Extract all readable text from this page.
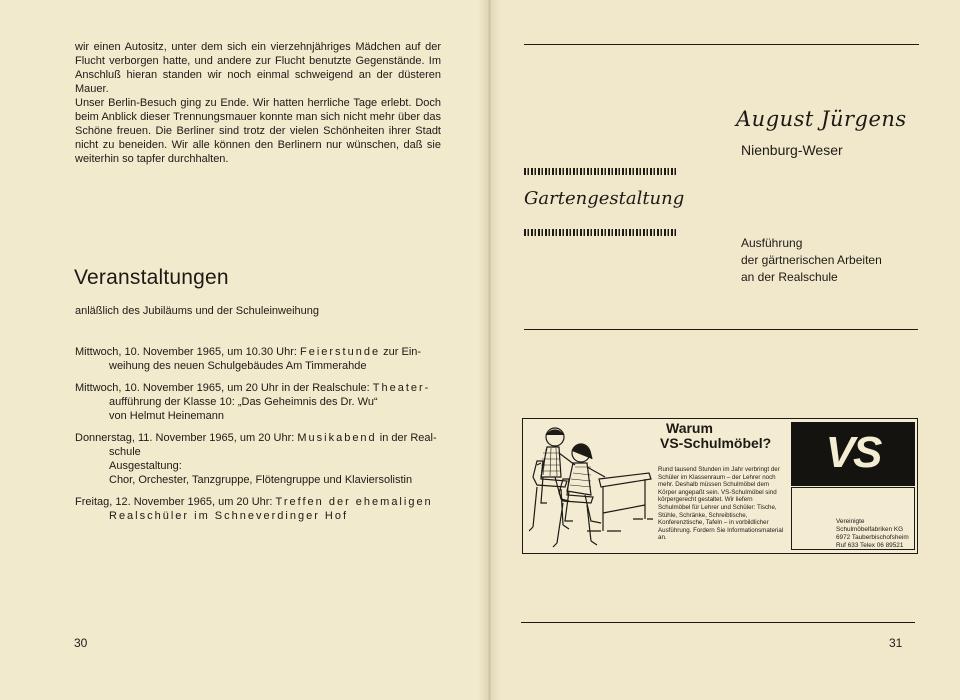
wir einen Autositz, unter dem sich ein vierzehnjähriges Mädchen auf der Flucht verborgen hatte, und andere zur Flucht benutzte Gegenstände. Im Anschluß hieran standen wir noch einmal schweigend an der düsteren Mauer.

Unser Berlin-Besuch ging zu Ende. Wir hatten herrliche Tage erlebt. Doch beim Anblick dieser Trennungsmauer konnte man sich nicht mehr über das Schöne freuen. Die Berliner sind trotz der vielen Schönheiten ihrer Stadt nicht zu beneiden. Wir alle können den Berlinern nur wünschen, daß sie weiterhin so tapfer durchhalten.

Veranstaltungen

anläßlich des Jubiläums und der Schuleinweihung

Mittwoch, 10. November 1965, um 10.30 Uhr: Feierstunde zur Ein-
weihung des neuen Schulgebäudes Am Timmerahde
Mittwoch, 10. November 1965, um 20 Uhr in der Realschule: Theater-
aufführung der Klasse 10: „Das Geheimnis des Dr. Wu“
von Helmut Heinemann
Donnerstag, 11. November 1965, um 20 Uhr: Musikabend in der Real-
schule
Ausgestaltung:
Chor, Orchester, Tanzgruppe, Flötengruppe und Klaviersolistin
Freitag, 12. November 1965, um 20 Uhr: Treffen der ehemaligen
Realschüler im Schneverdinger Hof

30

August Jürgens

Nienburg-Weser

Gartengestaltung

Ausführung
der gärtnerischen Arbeiten
an der Realschule

Warum
VS-Schulmöbel?

Rund tausend Stunden im Jahr verbringt der Schüler im Klassenraum – der Lehrer noch mehr. Deshalb müssen Schulmöbel dem Körper angepaßt sein. VS-Schulmöbel sind körpergerecht gestaltet. Wir liefern Schulmöbel für Lehrer und Schüler: Tische, Stühle, Schränke, Schreibtische, Konferenztische, Tafeln – in vorbildlicher Ausführung. Fordern Sie Informationsmaterial an.

VS

Vereinigte
Schulmöbelfabriken KG
6972 Tauberbischofsheim
Ruf 633 Telex 06 89521

31
